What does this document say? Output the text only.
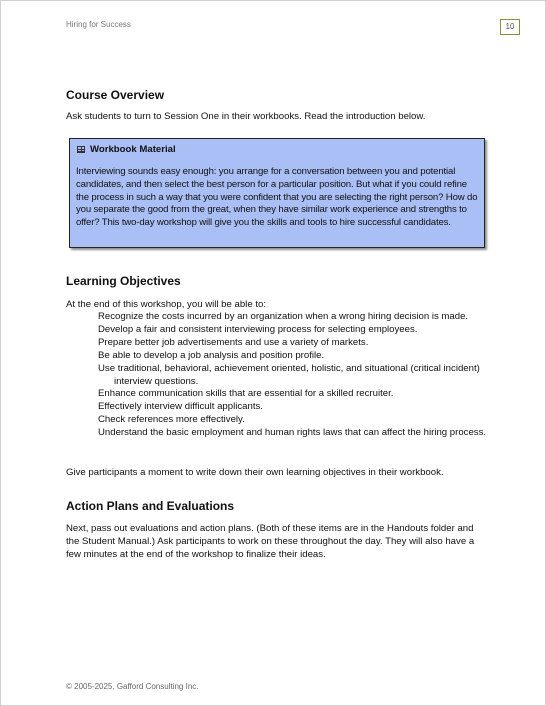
Hiring for Success	10
Course Overview
Ask students to turn to Session One in their workbooks. Read the introduction below.
Workbook Material
Interviewing sounds easy enough: you arrange for a conversation between you and potential candidates, and then select the best person for a particular position. But what if you could refine the process in such a way that you were confident that you are selecting the right person? How do you separate the good from the great, when they have similar work experience and strengths to offer? This two-day workshop will give you the skills and tools to hire successful candidates.
Learning Objectives
At the end of this workshop, you will be able to:
Recognize the costs incurred by an organization when a wrong hiring decision is made.
Develop a fair and consistent interviewing process for selecting employees.
Prepare better job advertisements and use a variety of markets.
Be able to develop a job analysis and position profile.
Use traditional, behavioral, achievement oriented, holistic, and situational (critical incident) interview questions.
Enhance communication skills that are essential for a skilled recruiter.
Effectively interview difficult applicants.
Check references more effectively.
Understand the basic employment and human rights laws that can affect the hiring process.
Give participants a moment to write down their own learning objectives in their workbook.
Action Plans and Evaluations
Next, pass out evaluations and action plans. (Both of these items are in the Handouts folder and the Student Manual.) Ask participants to work on these throughout the day. They will also have a few minutes at the end of the workshop to finalize their ideas.
© 2005-2025, Gafford Consulting Inc.
